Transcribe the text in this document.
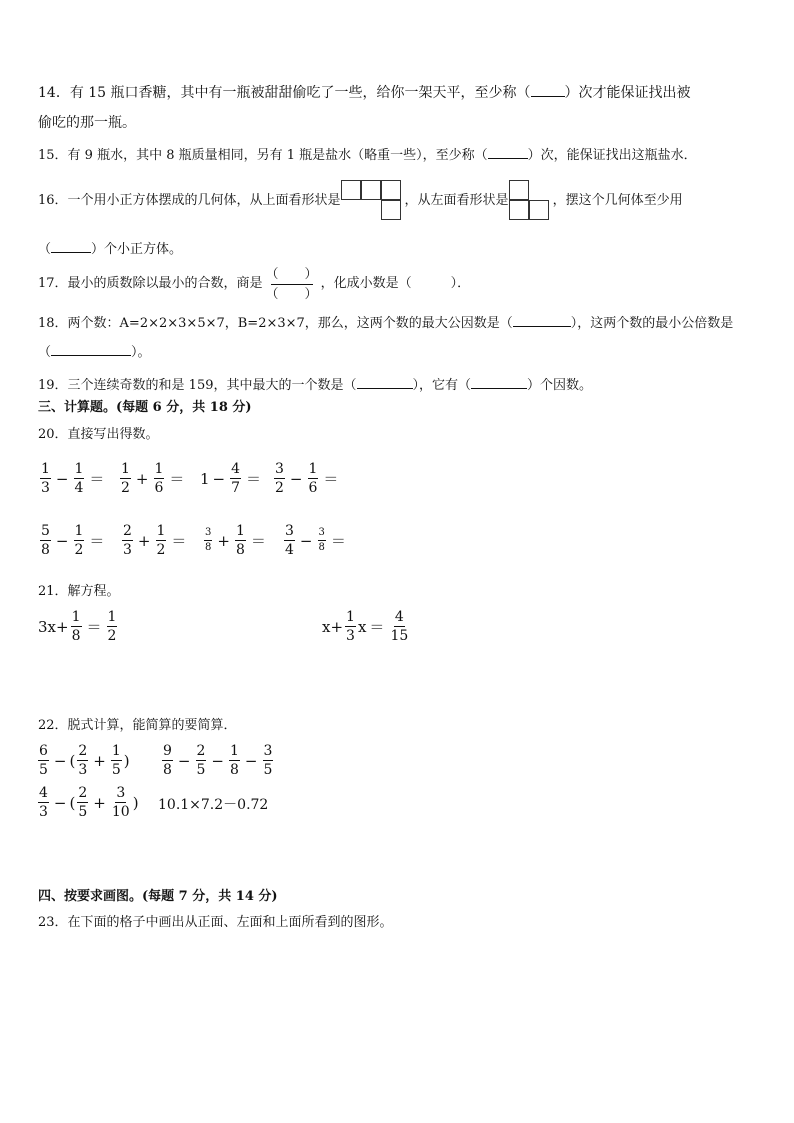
14．有 15 瓶口香糖，其中有一瓶被甜甜偷吃了一些，给你一架天平，至少称（ ）次才能保证找出被
偷吃的那一瓶。
15．有 9 瓶水，其中 8 瓶质量相同，另有 1 瓶是盐水（略重一些），至少称（	）次，能保证找出这瓶盐水．
16．一个用小正方体摆成的几何体，从上面看形状是	，从左面看形状是	，摆这个几何体至少用
（	）个小正方体。
17．最小的质数除以最小的合数，商是
（　　）
（　　）
，化成小数是（　　　）．
18．两个数：A=2×2×3×5×7，B=2×3×7，那么，这两个数的最大公因数是（	），这两个数的最小公倍数是
（	）。
19．三个连续奇数的和是 159，其中最大的一个数是（	），它有（	）个因数。
三、计算题。(每题 6 分，共 18 分)
20．直接写出得数。
$\frac{1}{3} - \frac{1}{4} = \frac{1}{2} + \frac{1}{6} = 1 - \frac{4}{7} = \frac{3}{2} - \frac{1}{6}$ ＝
$\frac{5}{8} - \frac{1}{2} = \frac{2}{3} + \frac{1}{2} = \frac{3}{8} + \frac{1}{8} = \frac{3}{4} - \frac{3}{8}$ ＝
21．解方程。
$3x+ \frac{1}{8} = \frac{1}{2}$	$x+ \frac{1}{3}$ $x = \frac{4}{15}$
22．脱式计算，能简算的要简算．
$\frac{6}{5}$ − ( $\frac{2}{3} + \frac{1}{5}$ ) $\frac{9}{8} - \frac{2}{5} - \frac{1}{8} - \frac{3}{5}$
$\frac{4}{3}$ − ( $\frac{2}{5} + \frac{3}{10}$ ) 10.1×7.2－0.72
四、按要求画图。(每题 7 分，共 14 分)
23．在下面的格子中画出从正面、左面和上面所看到的图形。
